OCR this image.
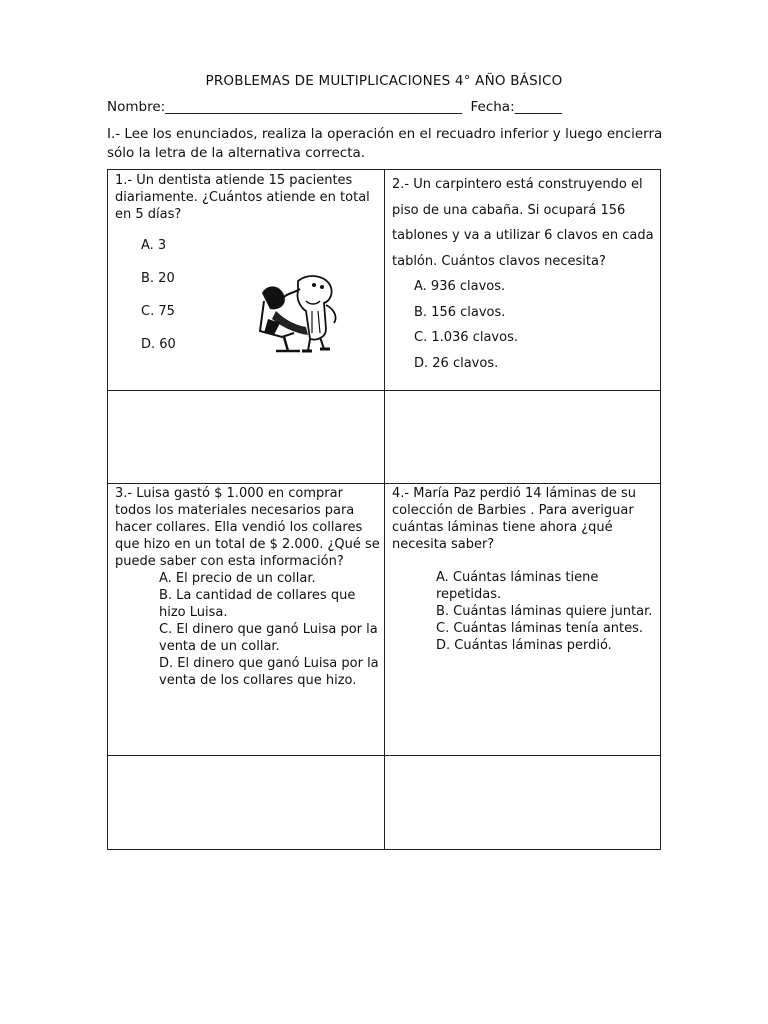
PROBLEMAS DE MULTIPLICACIONES 4° AÑO BÁSICO
Nombre:____________________________________________ Fecha:_______
I.- Lee los enunciados, realiza la operación en el recuadro inferior y luego encierra sólo la letra de la alternativa correcta.
1.- Un dentista atiende 15 pacientes diariamente. ¿Cuántos atiende en total en 5 días?
A. 3
B. 20
C. 75
D. 60
2.- Un carpintero está construyendo el piso de una cabaña. Si ocupará 156 tablones y va a utilizar 6 clavos en cada tablón. Cuántos clavos necesita?
A. 936 clavos.
B. 156 clavos.
C. 1.036 clavos.
D. 26 clavos.
3.- Luisa gastó $ 1.000 en comprar todos los materiales necesarios para hacer collares. Ella vendió los collares que hizo en un total de $ 2.000. ¿Qué se puede saber con esta información?
A. El precio de un collar.
B. La cantidad de collares que hizo Luisa.
C. El dinero que ganó Luisa por la venta de un collar.
D. El dinero que ganó Luisa por la venta de los collares que hizo.
4.- María Paz perdió 14 láminas de su colección de Barbies . Para averiguar cuántas láminas tiene ahora ¿qué necesita saber?
A. Cuántas láminas tiene repetidas.
B. Cuántas láminas quiere juntar.
C. Cuántas láminas tenía antes.
D. Cuántas láminas perdió.
